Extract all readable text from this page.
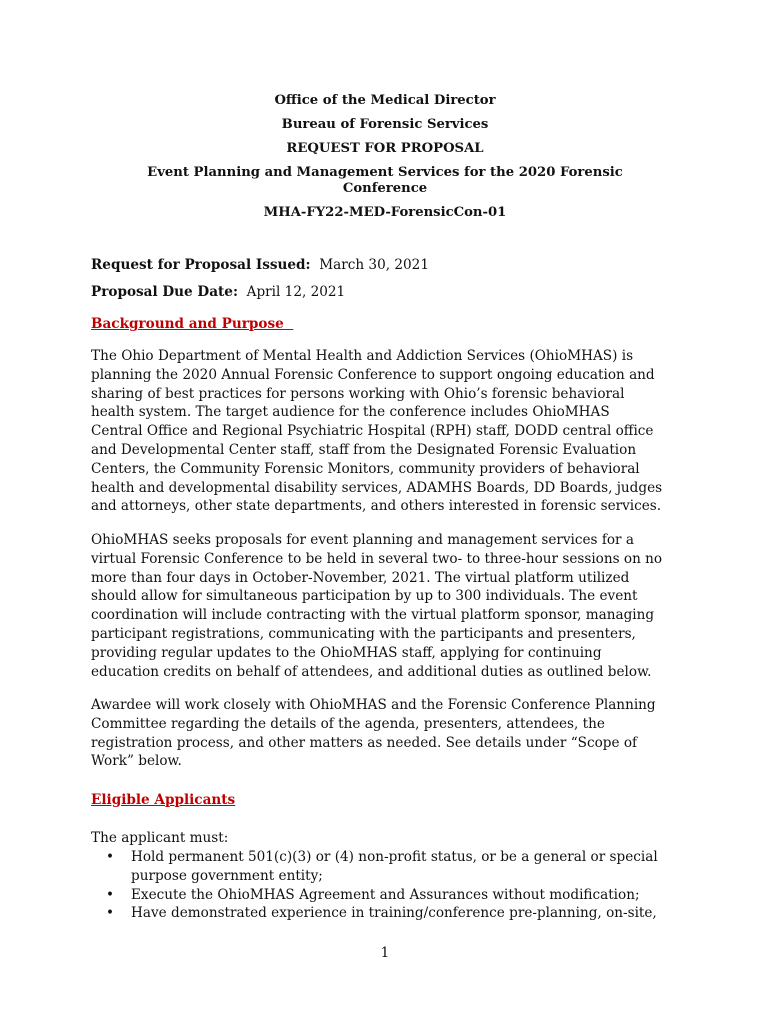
Office of the Medical Director
Bureau of Forensic Services
REQUEST FOR PROPOSAL
Event Planning and Management Services for the 2020 Forensic
Conference
MHA-FY22-MED-ForensicCon-01
Request for Proposal Issued: March 30, 2021
Proposal Due Date: April 12, 2021
Background and Purpose
The Ohio Department of Mental Health and Addiction Services (OhioMHAS) is
planning the 2020 Annual Forensic Conference to support ongoing education and
sharing of best practices for persons working with Ohio’s forensic behavioral
health system. The target audience for the conference includes OhioMHAS
Central Office and Regional Psychiatric Hospital (RPH) staff, DODD central office
and Developmental Center staff, staff from the Designated Forensic Evaluation
Centers, the Community Forensic Monitors, community providers of behavioral
health and developmental disability services, ADAMHS Boards, DD Boards, judges
and attorneys, other state departments, and others interested in forensic services.
OhioMHAS seeks proposals for event planning and management services for a
virtual Forensic Conference to be held in several two- to three-hour sessions on no
more than four days in October-November, 2021. The virtual platform utilized
should allow for simultaneous participation by up to 300 individuals. The event
coordination will include contracting with the virtual platform sponsor, managing
participant registrations, communicating with the participants and presenters,
providing regular updates to the OhioMHAS staff, applying for continuing
education credits on behalf of attendees, and additional duties as outlined below.
Awardee will work closely with OhioMHAS and the Forensic Conference Planning
Committee regarding the details of the agenda, presenters, attendees, the
registration process, and other matters as needed. See details under “Scope of
Work” below.
Eligible Applicants
The applicant must:
• Hold permanent 501(c)(3) or (4) non-profit status, or be a general or special
purpose government entity;
• Execute the OhioMHAS Agreement and Assurances without modification;
• Have demonstrated experience in training/conference pre-planning, on-site,
1
